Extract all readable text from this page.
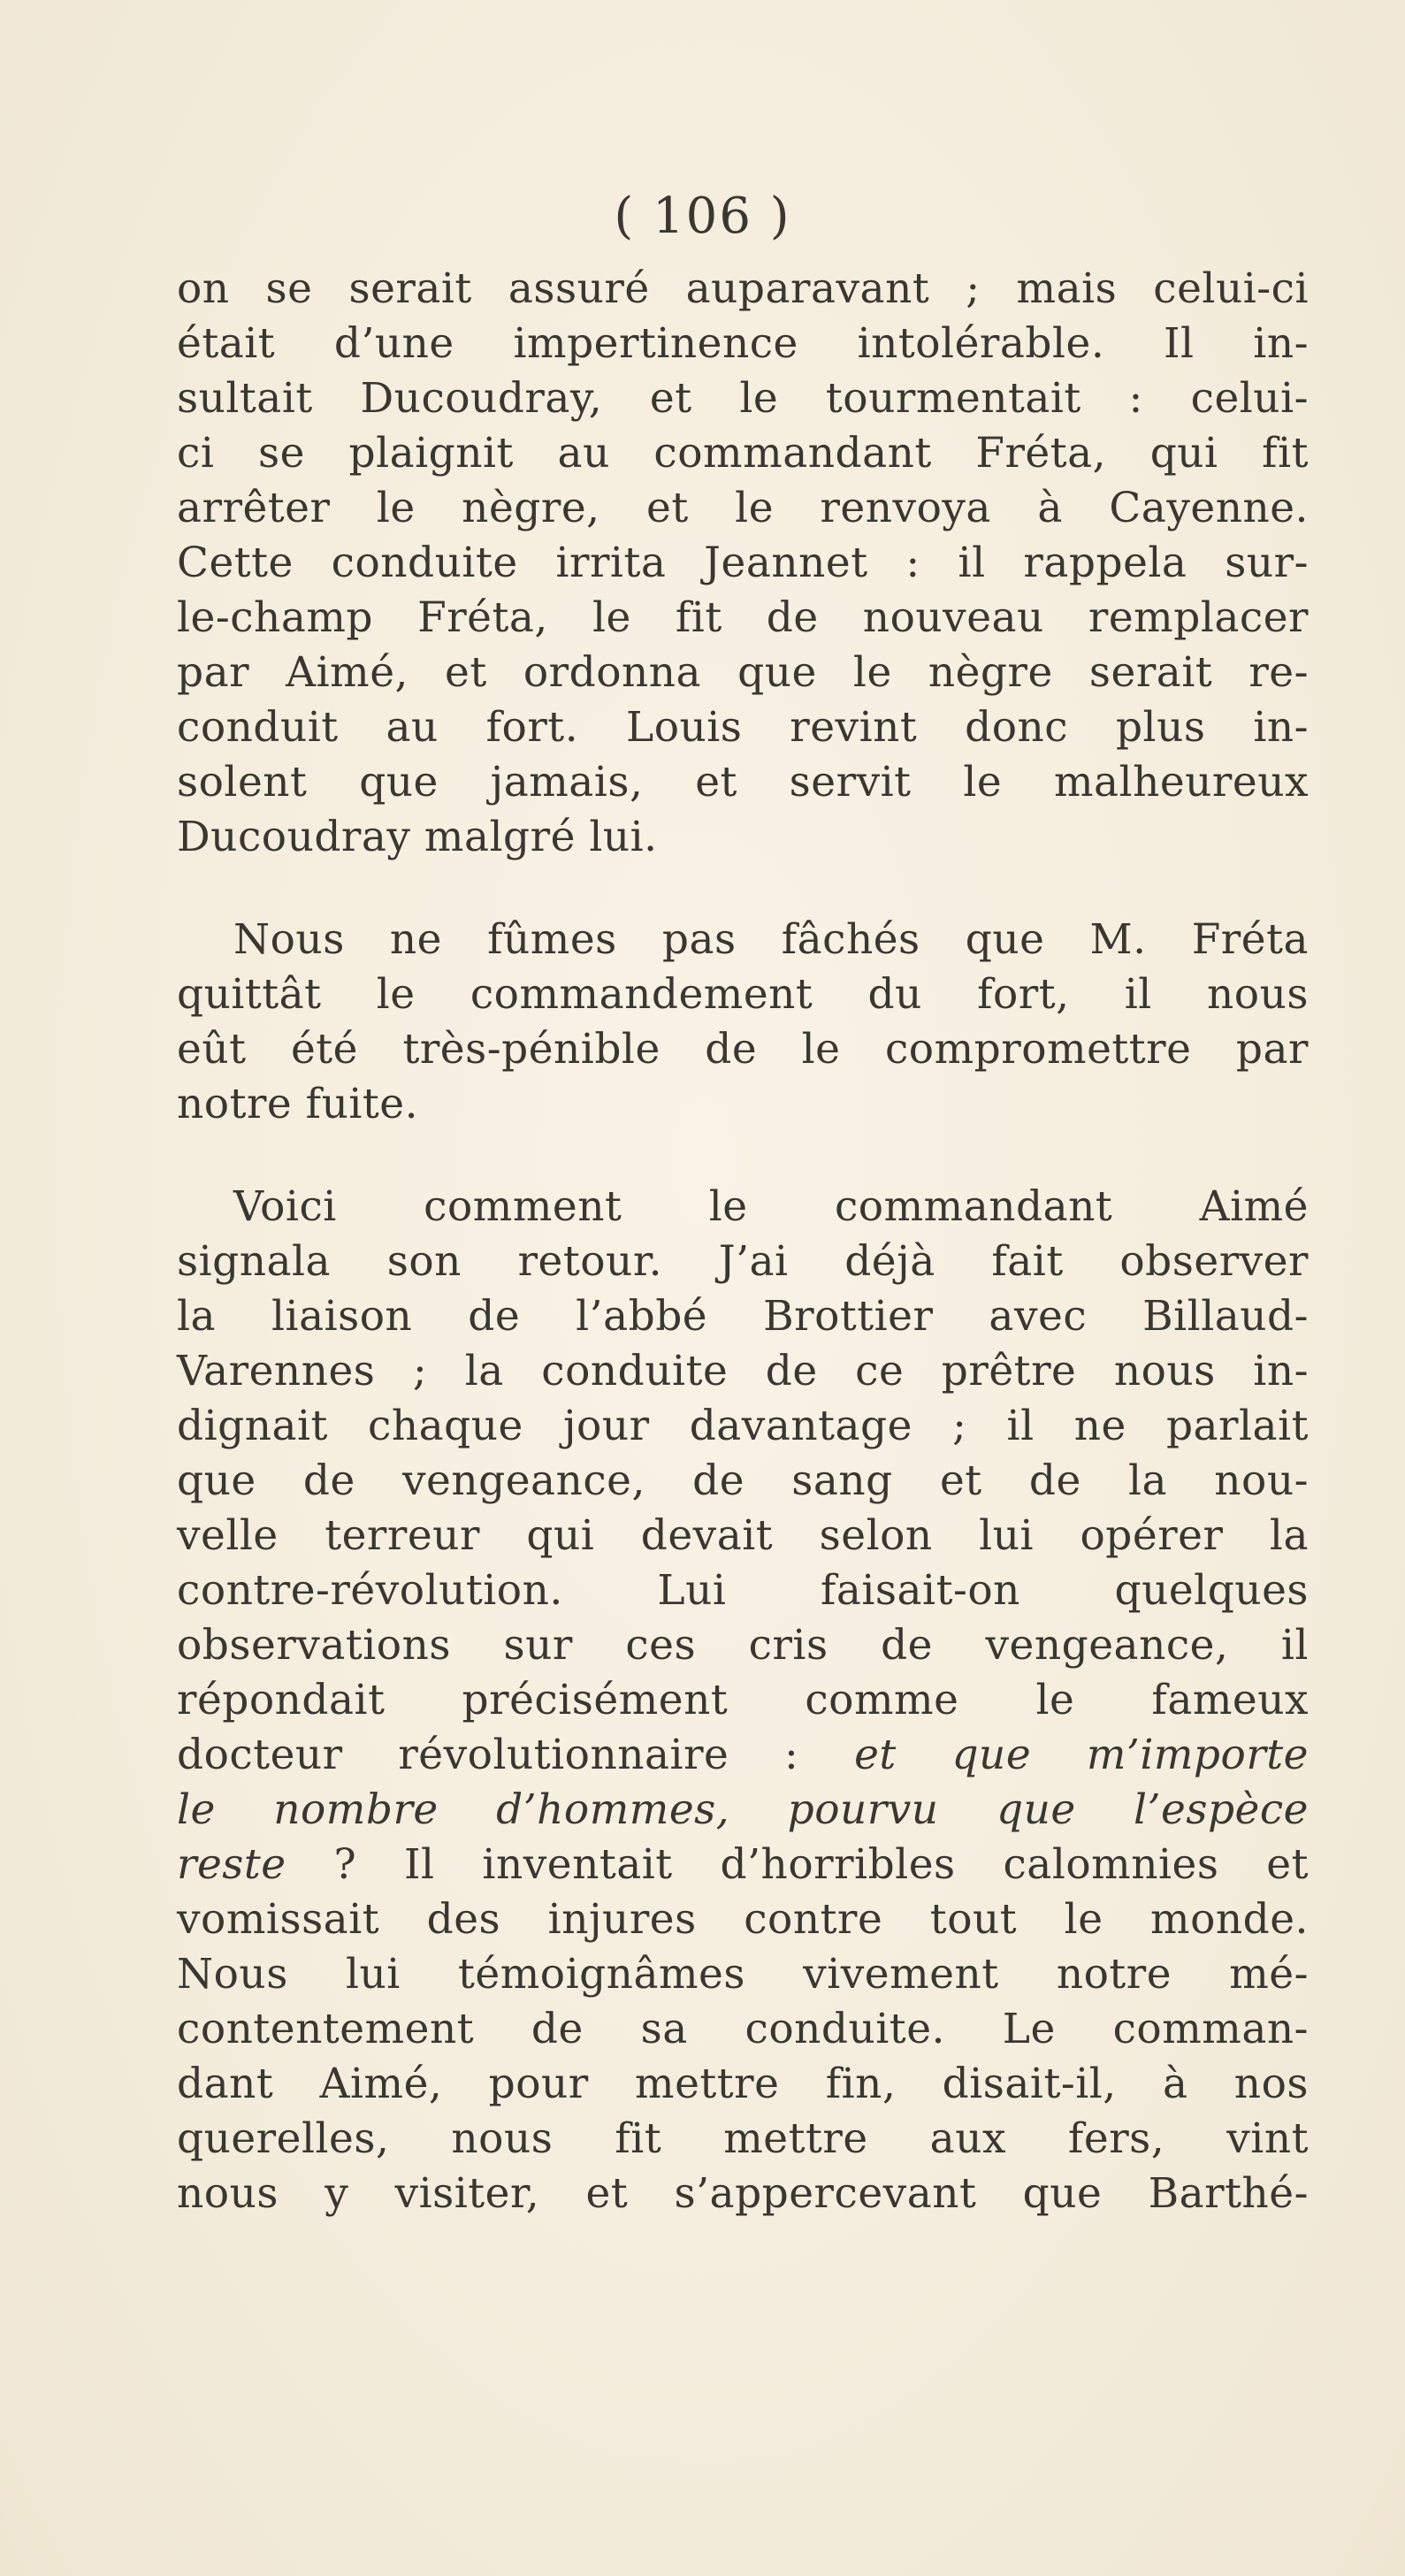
( 106 )
on se serait assuré auparavant ; mais celui-ci
était d’une impertinence intolérable. Il in-
sultait Ducoudray, et le tourmentait : celui-
ci se plaignit au commandant Fréta, qui fit
arrêter le nègre, et le renvoya à Cayenne.
Cette conduite irrita Jeannet : il rappela sur-
le-champ Fréta, le fit de nouveau remplacer
par Aimé, et ordonna que le nègre serait re-
conduit au fort. Louis revint donc plus in-
solent que jamais, et servit le malheureux
Ducoudray malgré lui.
Nous ne fûmes pas fâchés que M. Fréta
quittât le commandement du fort, il nous
eût été très-pénible de le compromettre par
notre fuite.
Voici comment le commandant Aimé
signala son retour. J’ai déjà fait observer
la liaison de l’abbé Brottier avec Billaud-
Varennes ; la conduite de ce prêtre nous in-
dignait chaque jour davantage ; il ne parlait
que de vengeance, de sang et de la nou-
velle terreur qui devait selon lui opérer la
contre-révolution. Lui faisait-on quelques
observations sur ces cris de vengeance, il
répondait précisément comme le fameux
docteur révolutionnaire : et que m’importe
le nombre d’hommes, pourvu que l’espèce
reste ? Il inventait d’horribles calomnies et
vomissait des injures contre tout le monde.
Nous lui témoignâmes vivement notre mé-
contentement de sa conduite. Le comman-
dant Aimé, pour mettre fin, disait-il, à nos
querelles, nous fit mettre aux fers, vint
nous y visiter, et s’appercevant que Barthé-
